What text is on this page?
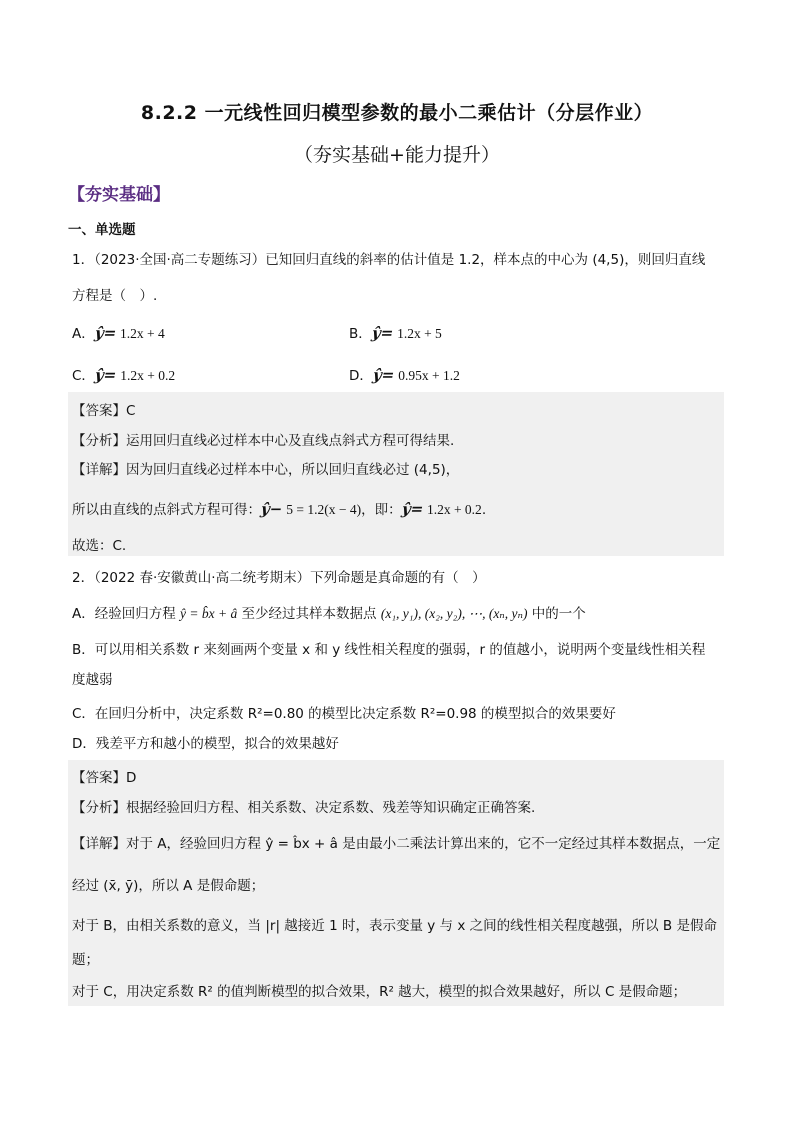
8.2.2 一元线性回归模型参数的最小二乘估计（分层作业）
（夯实基础+能力提升）
【夯实基础】
一、单选题
1．（2023·全国·高二专题练习）已知回归直线的斜率的估计值是 1.2，样本点的中心为 (4,5)，则回归直线
方程是（　）.
A．ŷ= 1.2x + 4	B．ŷ= 1.2x + 5
C．ŷ= 1.2x + 0.2	D．ŷ= 0.95x + 1.2
【答案】C
【分析】运用回归直线必过样本中心及直线点斜式方程可得结果.
【详解】因为回归直线必过样本中心，所以回归直线必过 (4,5)，
所以由直线的点斜式方程可得：ŷ− 5 = 1.2(x − 4)，即：ŷ= 1.2x + 0.2.
故选：C.
2．（2022 春·安徽黄山·高二统考期末）下列命题是真命题的有（　）
A．经验回归方程 ŷ = b̂x + â 至少经过其样本数据点 (x₁, y₁), (x₂, y₂), ⋯, (xₙ, yₙ) 中的一个
B．可以用相关系数 r 来刻画两个变量 x 和 y 线性相关程度的强弱，r 的值越小，说明两个变量线性相关程
度越弱
C．在回归分析中，决定系数 R²=0.80 的模型比决定系数 R²=0.98 的模型拟合的效果要好
D．残差平方和越小的模型，拟合的效果越好
【答案】D
【分析】根据经验回归方程、相关系数、决定系数、残差等知识确定正确答案.
【详解】对于 A，经验回归方程 ŷ = b̂x + â 是由最小二乘法计算出来的，它不一定经过其样本数据点，一定
经过 (x̄, ȳ)，所以 A 是假命题；
对于 B，由相关系数的意义，当 |r| 越接近 1 时，表示变量 y 与 x 之间的线性相关程度越强，所以 B 是假命
题；
对于 C，用决定系数 R² 的值判断模型的拟合效果，R² 越大，模型的拟合效果越好，所以 C 是假命题；
